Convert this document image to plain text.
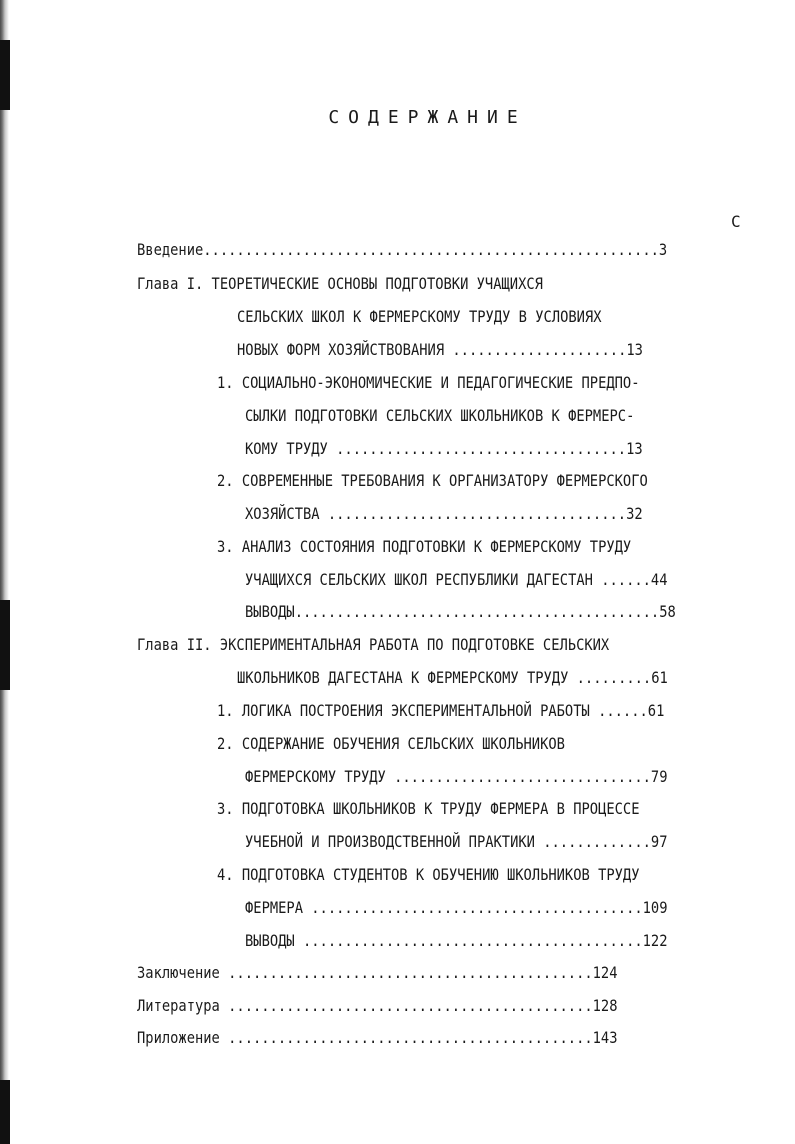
СОДЕРЖАНИЕ
С
Введение.......................................................3
Глава I. ТЕОРЕТИЧЕСКИЕ ОСНОВЫ ПОДГОТОВКИ УЧАЩИХСЯ
СЕЛЬСКИХ ШКОЛ К ФЕРМЕРСКОМУ ТРУДУ В УСЛОВИЯХ
НОВЫХ ФОРМ ХОЗЯЙСТВОВАНИЯ .....................13
1. СОЦИАЛЬНО-ЭКОНОМИЧЕСКИЕ И ПЕДАГОГИЧЕСКИЕ ПРЕДПО-
СЫЛКИ ПОДГОТОВКИ СЕЛЬСКИХ ШКОЛЬНИКОВ К ФЕРМЕРС-
КОМУ ТРУДУ ...................................13
2. СОВРЕМЕННЫЕ ТРЕБОВАНИЯ К ОРГАНИЗАТОРУ ФЕРМЕРСКОГО
ХОЗЯЙСТВА ....................................32
3. АНАЛИЗ СОСТОЯНИЯ ПОДГОТОВКИ К ФЕРМЕРСКОМУ ТРУДУ
УЧАЩИХСЯ СЕЛЬСКИХ ШКОЛ РЕСПУБЛИКИ ДАГЕСТАН ......44
ВЫВОДЫ............................................58
Глава II. ЭКСПЕРИМЕНТАЛЬНАЯ РАБОТА ПО ПОДГОТОВКЕ СЕЛЬСКИХ
ШКОЛЬНИКОВ ДАГЕСТАНА К ФЕРМЕРСКОМУ ТРУДУ .........61
1. ЛОГИКА ПОСТРОЕНИЯ ЭКСПЕРИМЕНТАЛЬНОЙ РАБОТЫ ......61
2. СОДЕРЖАНИЕ ОБУЧЕНИЯ СЕЛЬСКИХ ШКОЛЬНИКОВ
ФЕРМЕРСКОМУ ТРУДУ ...............................79
3. ПОДГОТОВКА ШКОЛЬНИКОВ К ТРУДУ ФЕРМЕРА В ПРОЦЕССЕ
УЧЕБНОЙ И ПРОИЗВОДСТВЕННОЙ ПРАКТИКИ .............97
4. ПОДГОТОВКА СТУДЕНТОВ К ОБУЧЕНИЮ ШКОЛЬНИКОВ ТРУДУ
ФЕРМЕРА ........................................109
ВЫВОДЫ .........................................122
Заключение ............................................124
Литература ............................................128
Приложение ............................................143
